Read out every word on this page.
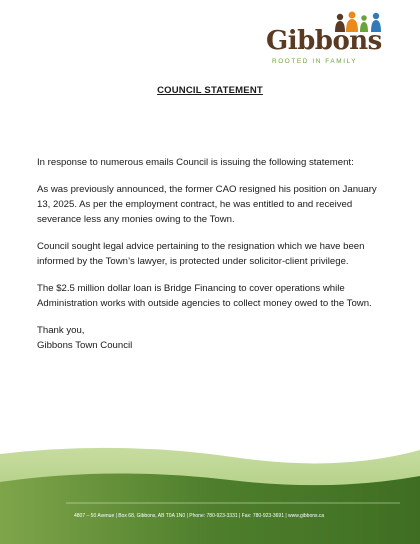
Gibbons
ROOTED IN FAMILY
COUNCIL STATEMENT

In response to numerous emails Council is issuing the following statement:

As was previously announced, the former CAO resigned his position on January 13, 2025. As per the employment contract, he was entitled to and received severance less any monies owing to the Town.

Council sought legal advice pertaining to the resignation which we have been informed by the Town’s lawyer, is protected under solicitor-client privilege.

The $2.5 million dollar loan is Bridge Financing to cover operations while Administration works with outside agencies to collect money owed to the Town.

Thank you,

Gibbons Town Council

4807 – 50 Avenue | Box 68, Gibbons, AB T0A 1N0 | Phone: 780-923-3331 | Fax: 780-923-3691 | www.gibbons.ca
